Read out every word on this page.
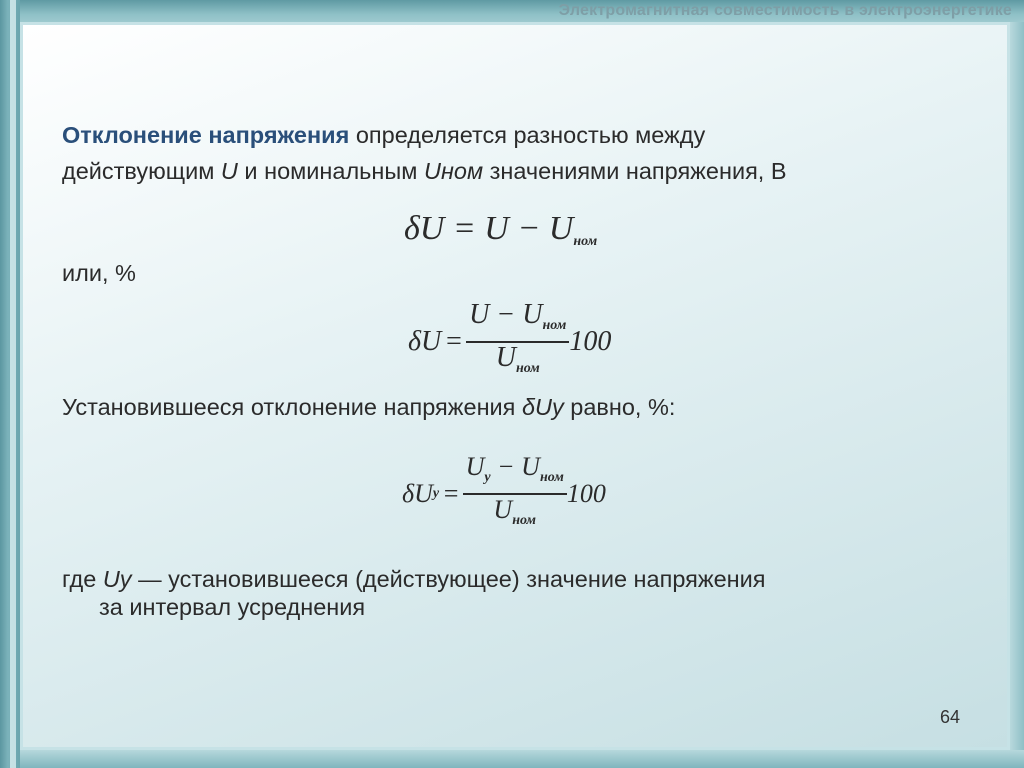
Электромагнитная совместимость в электроэнергетике
Отклонение напряжения определяется разностью между
действующим U и номинальным Uном значениями напряжения, В
$\delta U = U - U_{ном}$
или, %
$\delta U = \frac{U - U_{ном}}{U_{ном}} 100$
Установившееся отклонение напряжения δUу равно, %:
δU $у = \frac{U_у - U_{ном}}{U_{ном}} 100$
где Uу — установившееся (действующее) значение напряжения
за интервал усреднения
64
